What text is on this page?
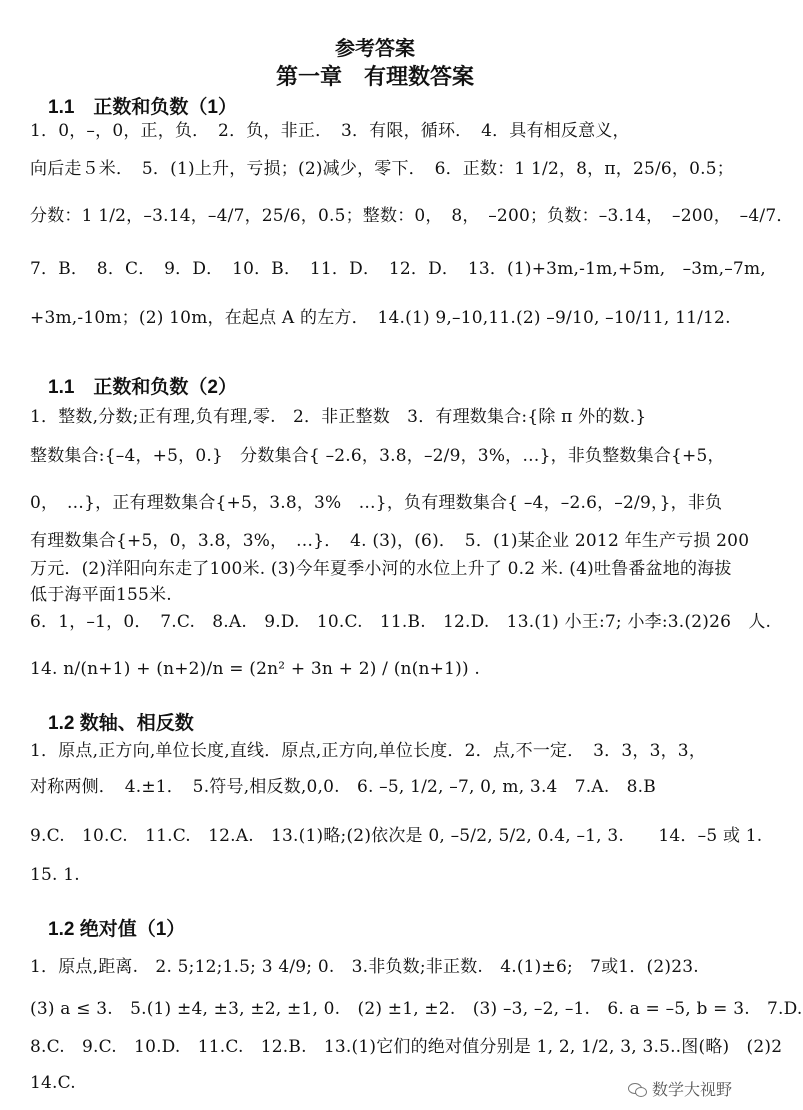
参考答案
第一章　有理数答案
1.1　正数和负数（1）
1．0，–，0，正，负．　2．负，非正．　3．有限，循环．　4．具有相反意义，
向后走５米．　5．(1)上升，亏损；(2)减少，零下．　6．正数：1 1/2，8，π，25/6，0.5̇；
分数：1 1/2，–3.14，–4/7，25/6，0.5̇；整数：0，　8，　–200；负数：–3.14，　–200，　–4/7．
7．B．　8．C．　9．D．　10．B．　11．D．　12．D．　13．(1)+3m,-1m,+5m,　–3m,–7m,
+3m,-10m；(2) 10m，在起点 A 的左方．　14.(1) 9,–10,11.(2) –9/10, –10/11, 11/12.
1.1　正数和负数（2）
1．整数,分数;正有理,负有理,零.　2．非正整数　3．有理数集合:{除 π 外的数.}
整数集合:{–4，+5，0.}　分数集合{ –2.6，3.8，–2/9，3%，…}，非负整数集合{+5，
0，　…}，正有理数集合{+5，3.8，3%　…}，负有理数集合{ –4，–2.6，–2/9，}，非负
有理数集合{+5，0，3.8，3%，　…}．　4. (3)，(6)．　5．(1)某企业 2012 年生产亏损 200
万元．(2)洋阳向东走了100米. (3)今年夏季小河的水位上升了 0.2 米. (4)吐鲁番盆地的海拔
低于海平面155米.
6．1，–1，0．　7.C.　8.A.　9.D.　10.C.　11.B.　12.D.　13.(1) 小王:7; 小李:3.(2)26　人.
14. n/(n+1) + (n+2)/n = (2n² + 3n + 2) / (n(n+1)) .
1.2 数轴、相反数
1．原点,正方向,单位长度,直线．原点,正方向,单位长度．2．点,不一定．　3．3，3，3，
对称两侧．　4.±1．　5.符号,相反数,0,0.　6. –5, 1/2, –7, 0, m, 3.4　7.A.　8.B
9.C.　10.C.　11.C.　12.A.　13.(1)略;(2)依次是 0, –5/2, 5/2, 0.4, –1, 3.　　14．–5 或 1.
15. 1.
1.2 绝对值（1）
1．原点,距离.　2. 5;12;1.5; 3 4/9; 0.　3.非负数;非正数.　4.(1)±6;　7或1．(2)23.
(3) a ≤ 3.　5.(1) ±4, ±3, ±2, ±1, 0.　(2) ±1, ±2.　(3) –3, –2, –1.　6. a = –5, b = 3.　7.D.
8.C.　9.C.　10.D.　11.C.　12.B.　13.(1)它们的绝对值分别是 1, 2, 1/2, 3, 3.5..图(略)　(2)2
14.C.	数学大视野
